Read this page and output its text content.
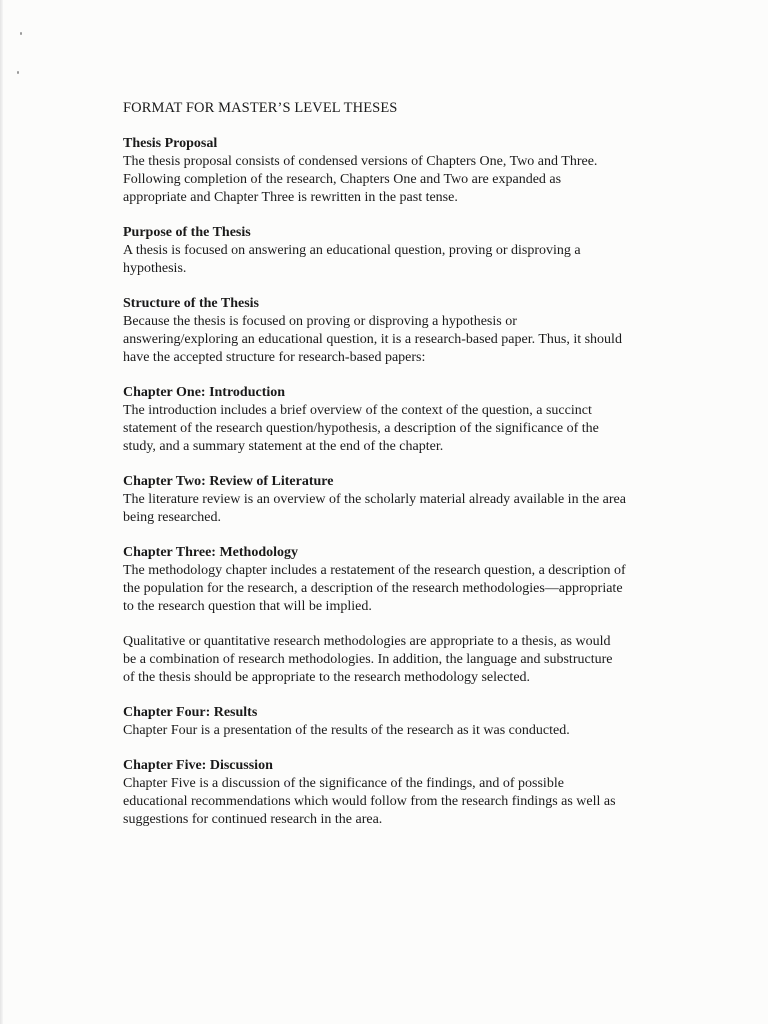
FORMAT FOR MASTER’S LEVEL THESES
Thesis Proposal

The thesis proposal consists of condensed versions of Chapters One, Two and Three.
Following completion of the research, Chapters One and Two are expanded as
appropriate and Chapter Three is rewritten in the past tense.

Purpose of the Thesis

A thesis is focused on answering an educational question, proving or disproving a
hypothesis.

Structure of the Thesis

Because the thesis is focused on proving or disproving a hypothesis or
answering/exploring an educational question, it is a research-based paper. Thus, it should
have the accepted structure for research-based papers:

Chapter One: Introduction

The introduction includes a brief overview of the context of the question, a succinct
statement of the research question/hypothesis, a description of the significance of the
study, and a summary statement at the end of the chapter.

Chapter Two: Review of Literature

The literature review is an overview of the scholarly material already available in the area
being researched.

Chapter Three: Methodology

The methodology chapter includes a restatement of the research question, a description of
the population for the research, a description of the research methodologies—appropriate
to the research question that will be implied.

Qualitative or quantitative research methodologies are appropriate to a thesis, as would
be a combination of research methodologies. In addition, the language and substructure
of the thesis should be appropriate to the research methodology selected.

Chapter Four: Results

Chapter Four is a presentation of the results of the research as it was conducted.

Chapter Five: Discussion

Chapter Five is a discussion of the significance of the findings, and of possible
educational recommendations which would follow from the research findings as well as
suggestions for continued research in the area.
